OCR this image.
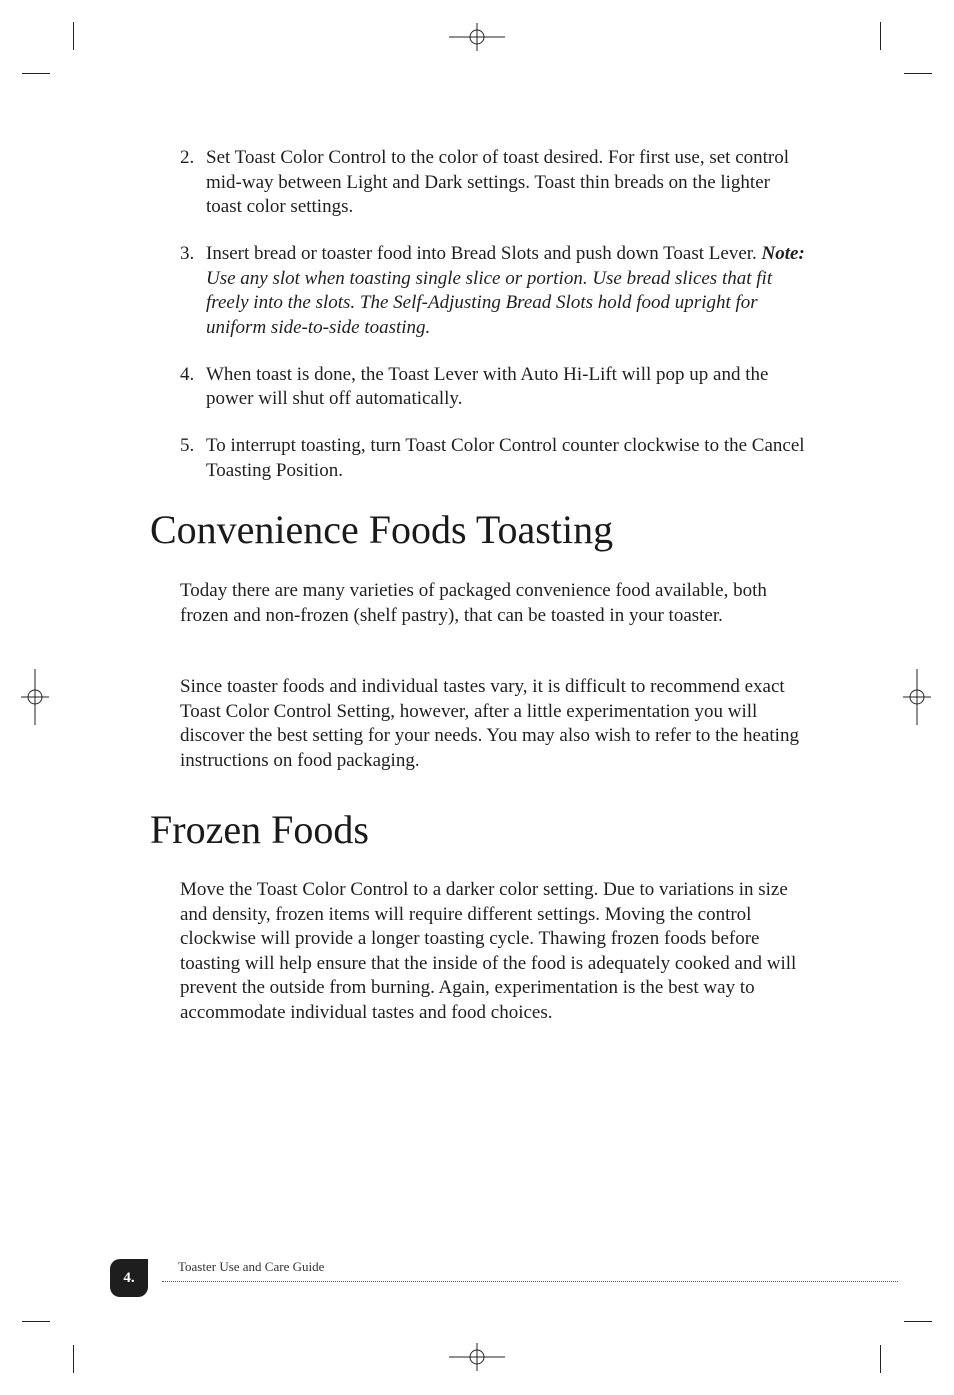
2. Set Toast Color Control to the color of toast desired. For first use, set control mid-way between Light and Dark settings. Toast thin breads on the lighter toast color settings.
3. Insert bread or toaster food into Bread Slots and push down Toast Lever. Note: Use any slot when toasting single slice or portion. Use bread slices that fit freely into the slots. The Self-Adjusting Bread Slots hold food upright for uniform side-to-side toasting.
4. When toast is done, the Toast Lever with Auto Hi-Lift will pop up and the power will shut off automatically.
5. To interrupt toasting, turn Toast Color Control counter clockwise to the Cancel Toasting Position.
Convenience Foods Toasting

Today there are many varieties of packaged convenience food available, both frozen and non-frozen (shelf pastry), that can be toasted in your toaster.

Since toaster foods and individual tastes vary, it is difficult to recommend exact Toast Color Control Setting, however, after a little experimentation you will discover the best setting for your needs. You may also wish to refer to the heating instructions on food packaging.

Frozen Foods

Move the Toast Color Control to a darker color setting. Due to variations in size and density, frozen items will require different settings. Moving the control clockwise will provide a longer toasting cycle. Thawing frozen foods before toasting will help ensure that the inside of the food is adequately cooked and will prevent the outside from burning. Again, experimentation is the best way to accommodate individual tastes and food choices.

4.
Toaster Use and Care Guide
